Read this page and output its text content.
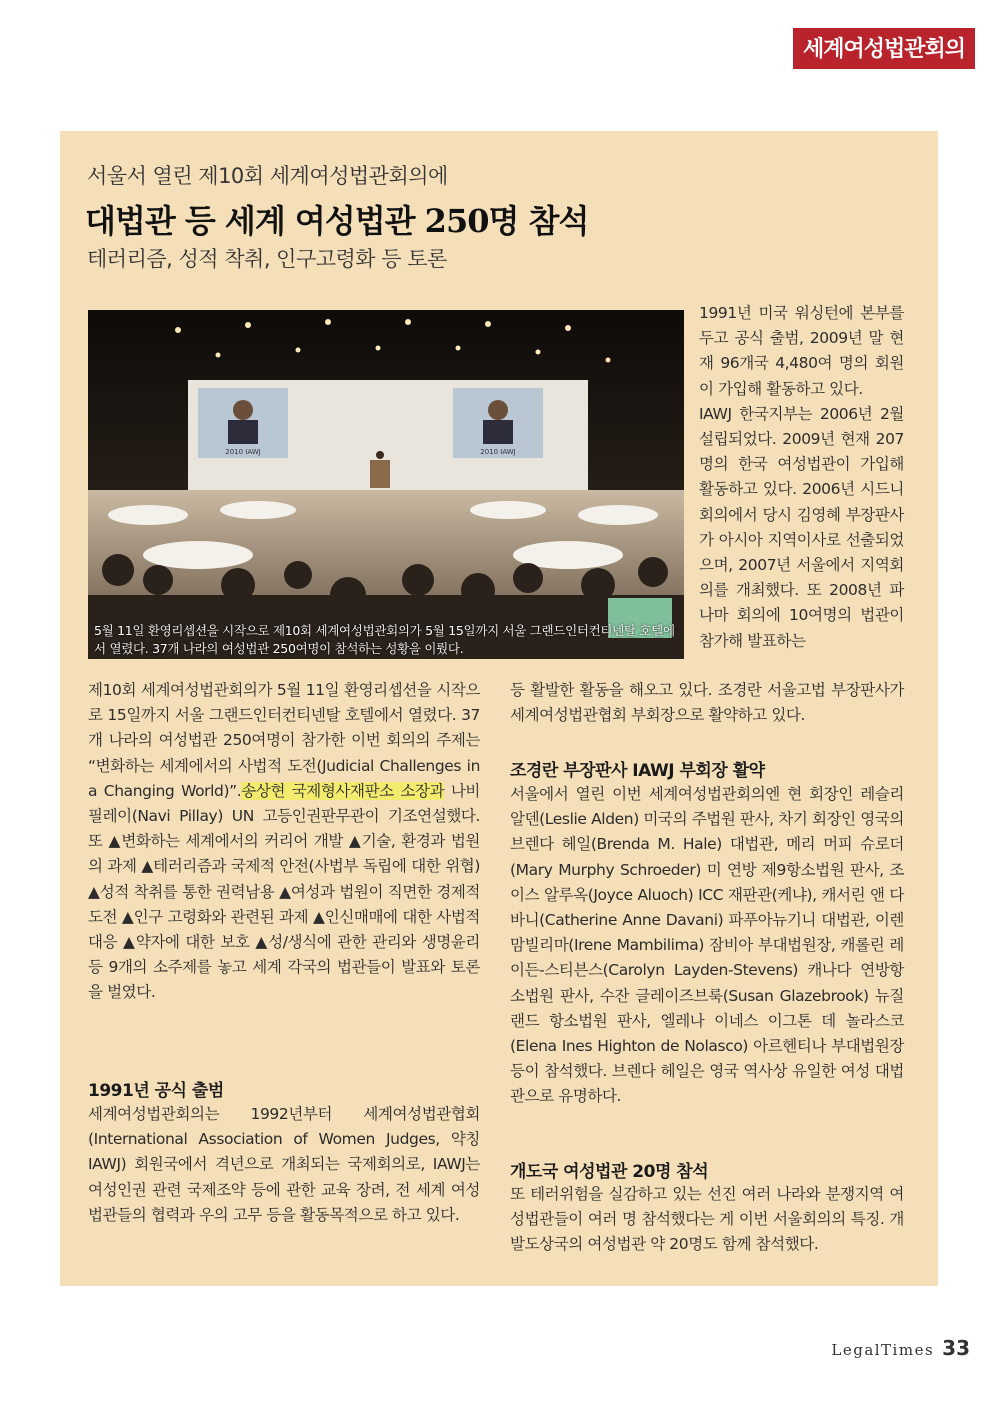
세계여성법관회의
서울서 열린 제10회 세계여성법관회의에
대법관 등 세계 여성법관 250명 참석
테러리즘, 성적 착취, 인구고령화 등 토론
2010 IAWJ	2010 IAWJ
5월 11일 환영리셉션을 시작으로 제10회 세계여성법관회의가 5월 15일까지 서울 그랜드인터컨티넨탈 호텔에서 열렸다. 37개 나라의 여성법관 250여명이 참석하는 성황을 이뤘다.

1991년 미국 워싱턴에 본부를 두고 공식 출범, 2009년 말 현재 96개국 4,480여 명의 회원이 가입해 활동하고 있다.

IAWJ 한국지부는 2006년 2월 설립되었다. 2009년 현재 207명의 한국 여성법관이 가입해 활동하고 있다. 2006년 시드니 회의에서 당시 김영혜 부장판사가 아시아 지역이사로 선출되었으며, 2007년 서울에서 지역회의를 개최했다. 또 2008년 파나마 회의에 10여명의 법관이 참가해 발표하는

등 활발한 활동을 해오고 있다. 조경란 서울고법 부장판사가 세계여성법관협회 부회장으로 활약하고 있다.

조경란 부장판사 IAWJ 부회장 활약

서울에서 열린 이번 세계여성법관회의엔 현 회장인 레슬리 알덴(Leslie Alden) 미국의 주법원 판사, 차기 회장인 영국의 브렌다 헤일(Brenda M. Hale) 대법관, 메리 머피 슈로더(Mary Murphy Schroeder) 미 연방 제9항소법원 판사, 조이스 알루옥(Joyce Aluoch) ICC 재판관(케냐), 캐서린 앤 다바니(Catherine Anne Davani) 파푸아뉴기니 대법관, 이렌 맘빌리마(Irene Mambilima) 잠비아 부대법원장, 캐롤린 레이든-스티븐스(Carolyn Layden-Stevens) 캐나다 연방항소법원 판사, 수잔 글레이즈브룩(Susan Glazebrook) 뉴질랜드 항소법원 판사, 엘레나 이네스 이그톤 데 놀라스코(Elena Ines Highton de Nolasco) 아르헨티나 부대법원장 등이 참석했다. 브렌다 헤일은 영국 역사상 유일한 여성 대법관으로 유명하다.

개도국 여성법관 20명 참석

또 테러위험을 실감하고 있는 선진 여러 나라와 분쟁지역 여성법관들이 여러 명 참석했다는 게 이번 서울회의의 특징. 개발도상국의 여성법관 약 20명도 함께 참석했다.

제10회 세계여성법관회의가 5월 11일 환영리셉션을 시작으로 15일까지 서울 그랜드인터컨티넨탈 호텔에서 열렸다. 37개 나라의 여성법관 250여명이 참가한 이번 회의의 주제는 “변화하는 세계에서의 사법적 도전(Judicial Challenges in a Changing World)”.송상현 국제형사재판소 소장과 나비 필레이(Navi Pillay) UN 고등인권판무관이 기조연설했다. 또 ▲변화하는 세계에서의 커리어 개발 ▲기술, 환경과 법원의 과제 ▲테러리즘과 국제적 안전(사법부 독립에 대한 위협) ▲성적 착취를 통한 권력남용 ▲여성과 법원이 직면한 경제적 도전 ▲인구 고령화와 관련된 과제 ▲인신매매에 대한 사법적 대응 ▲약자에 대한 보호 ▲성/생식에 관한 관리와 생명윤리 등 9개의 소주제를 놓고 세계 각국의 법관들이 발표와 토론을 벌였다.

1991년 공식 출범

세계여성법관회의는 1992년부터 세계여성법관협회(International Association of Women Judges, 약칭 IAWJ) 회원국에서 격년으로 개최되는 국제회의로, IAWJ는 여성인권 관련 국제조약 등에 관한 교육 장려, 전 세계 여성법관들의 협력과 우의 고무 등을 활동목적으로 하고 있다.

LegalTimes 33
